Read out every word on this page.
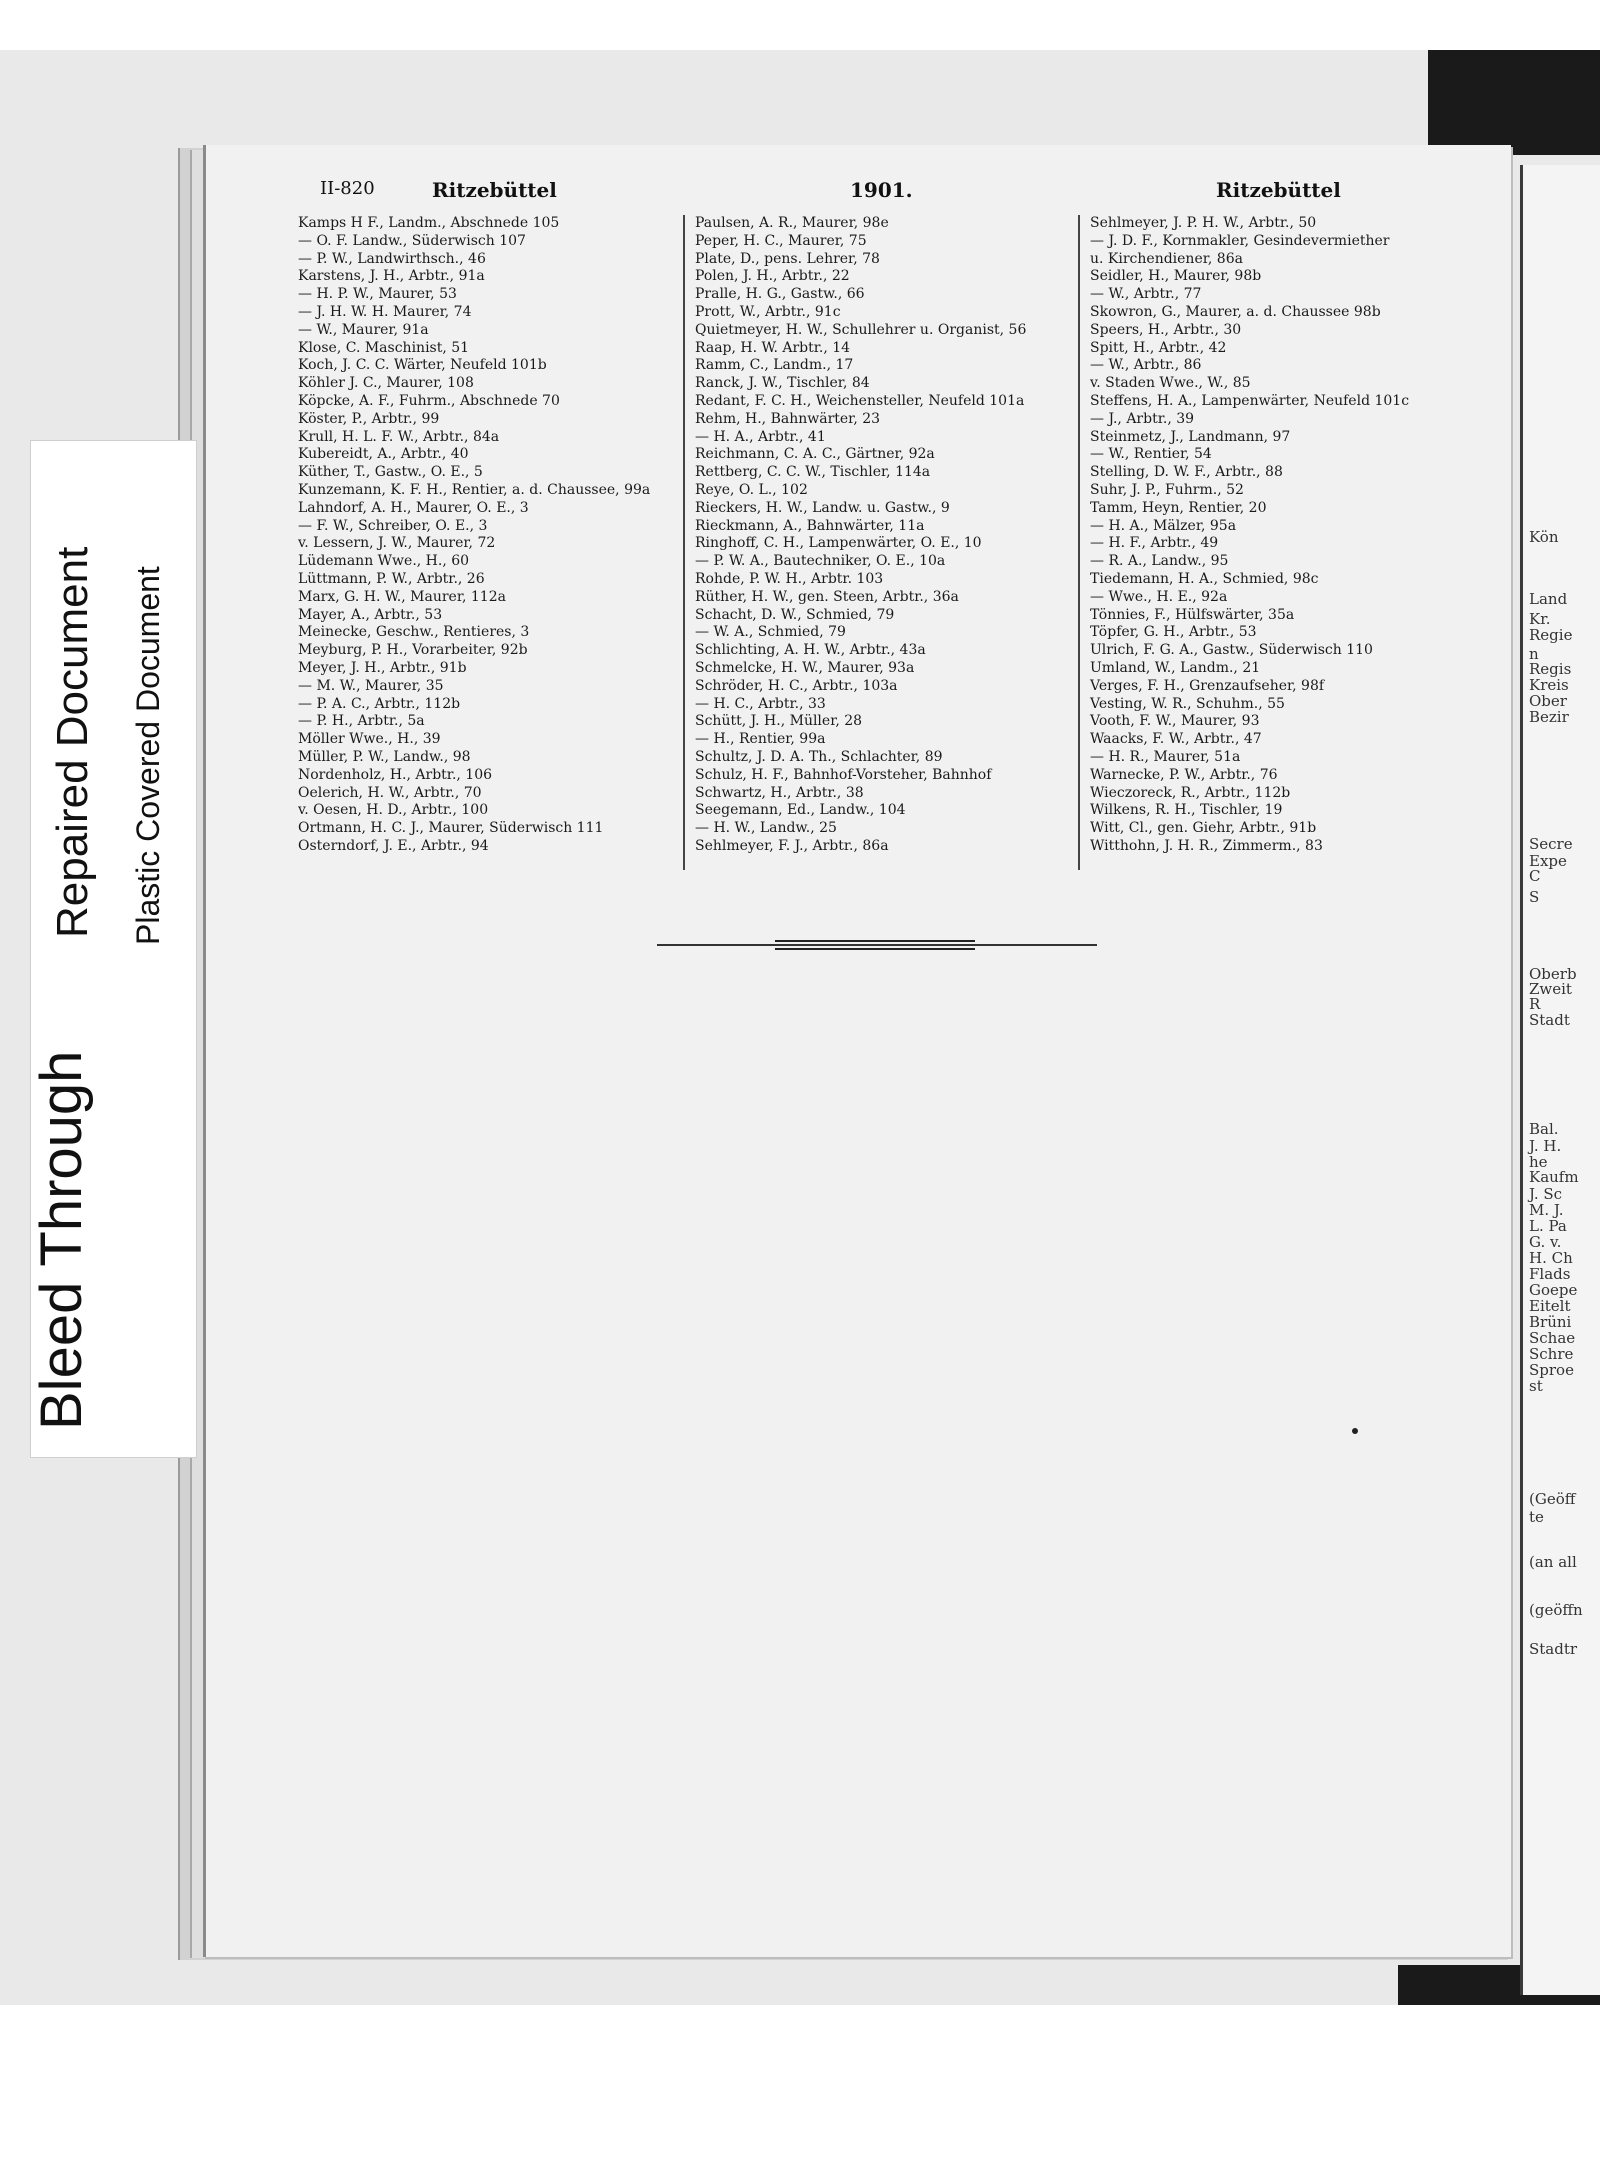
Kön
Land
Kr.
Regie
n
Regis
Kreis
Ober
Bezir
Secre
Expe
C
S
Oberb
Zweit
R
Stadt
Bal.
J. H.
he
Kaufm
J. Sc
M. J.
L. Pa
G. v.
H. Ch
Flads
Goepe
Eitelt
Brüni
Schae
Schre
Sproe
st
(Geöff
te
(an all
(geöffn
Stadtr
Bleed Through
Repaired Document Plastic Covered Document
II-820	Ritzebüttel	1901.	Ritzebüttel
Kamps H F., Landm., Abschnede 105
— O. F. Landw., Süderwisch 107
— P. W., Landwirthsch., 46
Karstens, J. H., Arbtr., 91a
— H. P. W., Maurer, 53
— J. H. W. H. Maurer, 74
— W., Maurer, 91a
Klose, C. Maschinist, 51
Koch, J. C. C. Wärter, Neufeld 101b
Köhler J. C., Maurer, 108
Köpcke, A. F., Fuhrm., Abschnede 70
Köster, P., Arbtr., 99
Krull, H. L. F. W., Arbtr., 84a
Kubereidt, A., Arbtr., 40
Küther, T., Gastw., O. E., 5
Kunzemann, K. F. H., Rentier, a. d. Chaussee, 99a
Lahndorf, A. H., Maurer, O. E., 3
— F. W., Schreiber, O. E., 3
v. Lessern, J. W., Maurer, 72
Lüdemann Wwe., H., 60
Lüttmann, P. W., Arbtr., 26
Marx, G. H. W., Maurer, 112a
Mayer, A., Arbtr., 53
Meinecke, Geschw., Rentieres, 3
Meyburg, P. H., Vorarbeiter, 92b
Meyer, J. H., Arbtr., 91b
— M. W., Maurer, 35
— P. A. C., Arbtr., 112b
— P. H., Arbtr., 5a
Möller Wwe., H., 39
Müller, P. W., Landw., 98
Nordenholz, H., Arbtr., 106
Oelerich, H. W., Arbtr., 70
v. Oesen, H. D., Arbtr., 100
Ortmann, H. C. J., Maurer, Süderwisch 111
Osterndorf, J. E., Arbtr., 94
Paulsen, A. R., Maurer, 98e
Peper, H. C., Maurer, 75
Plate, D., pens. Lehrer, 78
Polen, J. H., Arbtr., 22
Pralle, H. G., Gastw., 66
Prott, W., Arbtr., 91c
Quietmeyer, H. W., Schullehrer u. Organist, 56
Raap, H. W. Arbtr., 14
Ramm, C., Landm., 17
Ranck, J. W., Tischler, 84
Redant, F. C. H., Weichensteller, Neufeld 101a
Rehm, H., Bahnwärter, 23
— H. A., Arbtr., 41
Reichmann, C. A. C., Gärtner, 92a
Rettberg, C. C. W., Tischler, 114a
Reye, O. L., 102
Rieckers, H. W., Landw. u. Gastw., 9
Rieckmann, A., Bahnwärter, 11a
Ringhoff, C. H., Lampenwärter, O. E., 10
— P. W. A., Bautechniker, O. E., 10a
Rohde, P. W. H., Arbtr. 103
Rüther, H. W., gen. Steen, Arbtr., 36a
Schacht, D. W., Schmied, 79
— W. A., Schmied, 79
Schlichting, A. H. W., Arbtr., 43a
Schmelcke, H. W., Maurer, 93a
Schröder, H. C., Arbtr., 103a
— H. C., Arbtr., 33
Schütt, J. H., Müller, 28
— H., Rentier, 99a
Schultz, J. D. A. Th., Schlachter, 89
Schulz, H. F., Bahnhof-Vorsteher, Bahnhof
Schwartz, H., Arbtr., 38
Seegemann, Ed., Landw., 104
— H. W., Landw., 25
Sehlmeyer, F. J., Arbtr., 86a
Sehlmeyer, J. P. H. W., Arbtr., 50
— J. D. F., Kornmakler, Gesindevermiether
u. Kirchendiener, 86a
Seidler, H., Maurer, 98b
— W., Arbtr., 77
Skowron, G., Maurer, a. d. Chaussee 98b
Speers, H., Arbtr., 30
Spitt, H., Arbtr., 42
— W., Arbtr., 86
v. Staden Wwe., W., 85
Steffens, H. A., Lampenwärter, Neufeld 101c
— J., Arbtr., 39
Steinmetz, J., Landmann, 97
— W., Rentier, 54
Stelling, D. W. F., Arbtr., 88
Suhr, J. P., Fuhrm., 52
Tamm, Heyn, Rentier, 20
— H. A., Mälzer, 95a
— H. F., Arbtr., 49
— R. A., Landw., 95
Tiedemann, H. A., Schmied, 98c
— Wwe., H. E., 92a
Tönnies, F., Hülfswärter, 35a
Töpfer, G. H., Arbtr., 53
Ulrich, F. G. A., Gastw., Süderwisch 110
Umland, W., Landm., 21
Verges, F. H., Grenzaufseher, 98f
Vesting, W. R., Schuhm., 55
Vooth, F. W., Maurer, 93
Waacks, F. W., Arbtr., 47
— H. R., Maurer, 51a
Warnecke, P. W., Arbtr., 76
Wieczoreck, R., Arbtr., 112b
Wilkens, R. H., Tischler, 19
Witt, Cl., gen. Giehr, Arbtr., 91b
Witthohn, J. H. R., Zimmerm., 83
